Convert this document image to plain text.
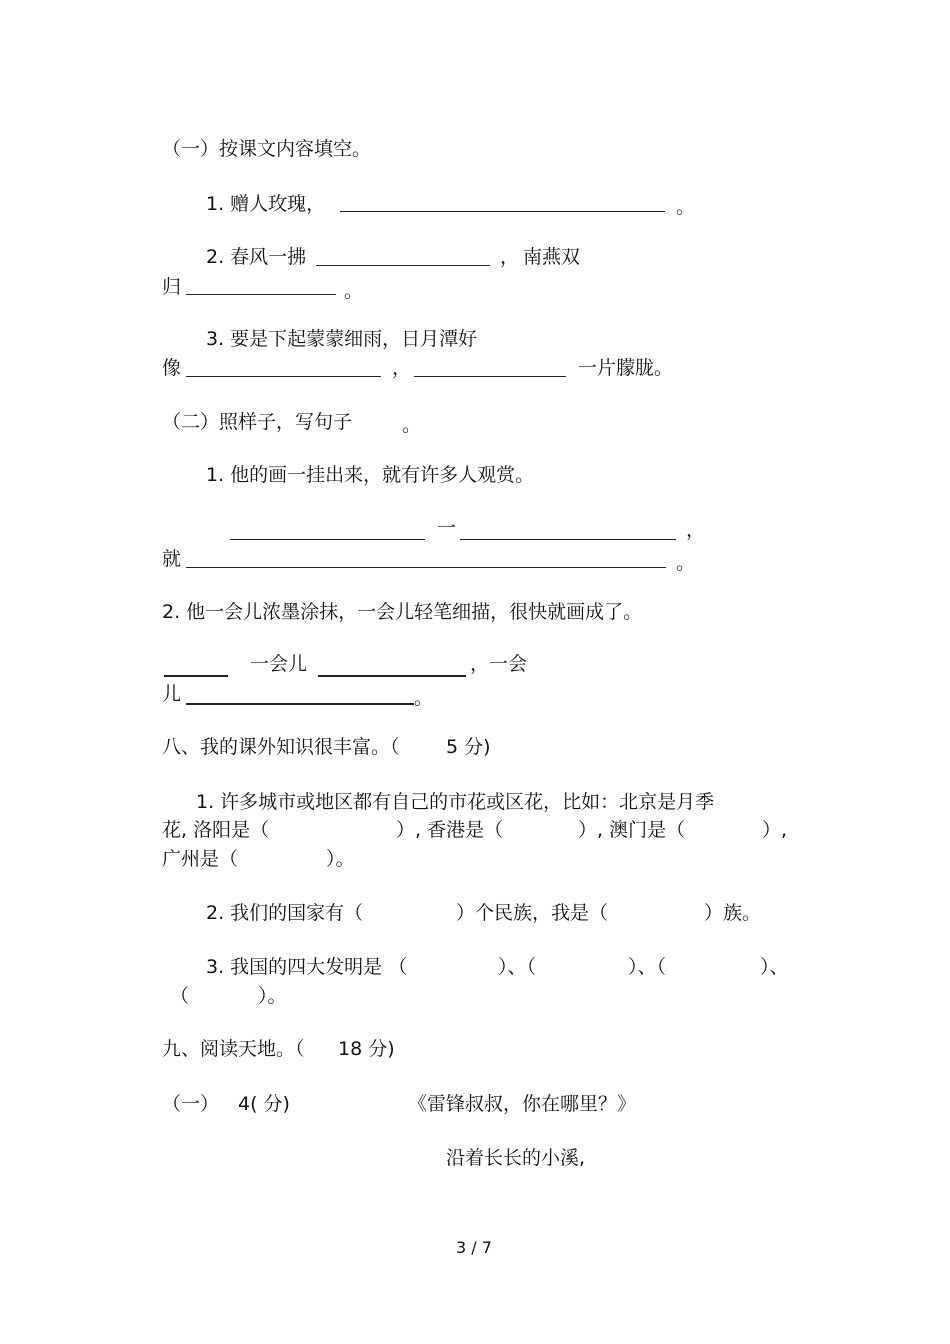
（一）按课文内容填空。
1. 赠人玫瑰，	。
2. 春风一拂	， 南燕双
归	。
3. 要是下起蒙蒙细雨，日月潭好
像	，	一片朦胧。
（二）照样子，写句子	。
1. 他的画一挂出来，就有许多人观赏。
一	，
就	。
2. 他一会儿浓墨涂抹，一会儿轻笔细描，很快就画成了。
一会儿	，一会
儿	。
八、我的课外知识很丰富。（ 5 分)
1. 许多城市或地区都有自己的市花或区花，比如：北京是月季
花, 洛阳是（	）, 香港是（	）, 澳门是（	）,
广州是（	）。
2. 我们的国家有（	）个民族，我是（	）族。
3. 我国的四大发明是 （	）、（	）、（	）、
（	）。
九、阅读天地。（ 18 分)
（一） 4( 分)	《雷锋叔叔，你在哪里？》
沿着长长的小溪,
3 / 7
